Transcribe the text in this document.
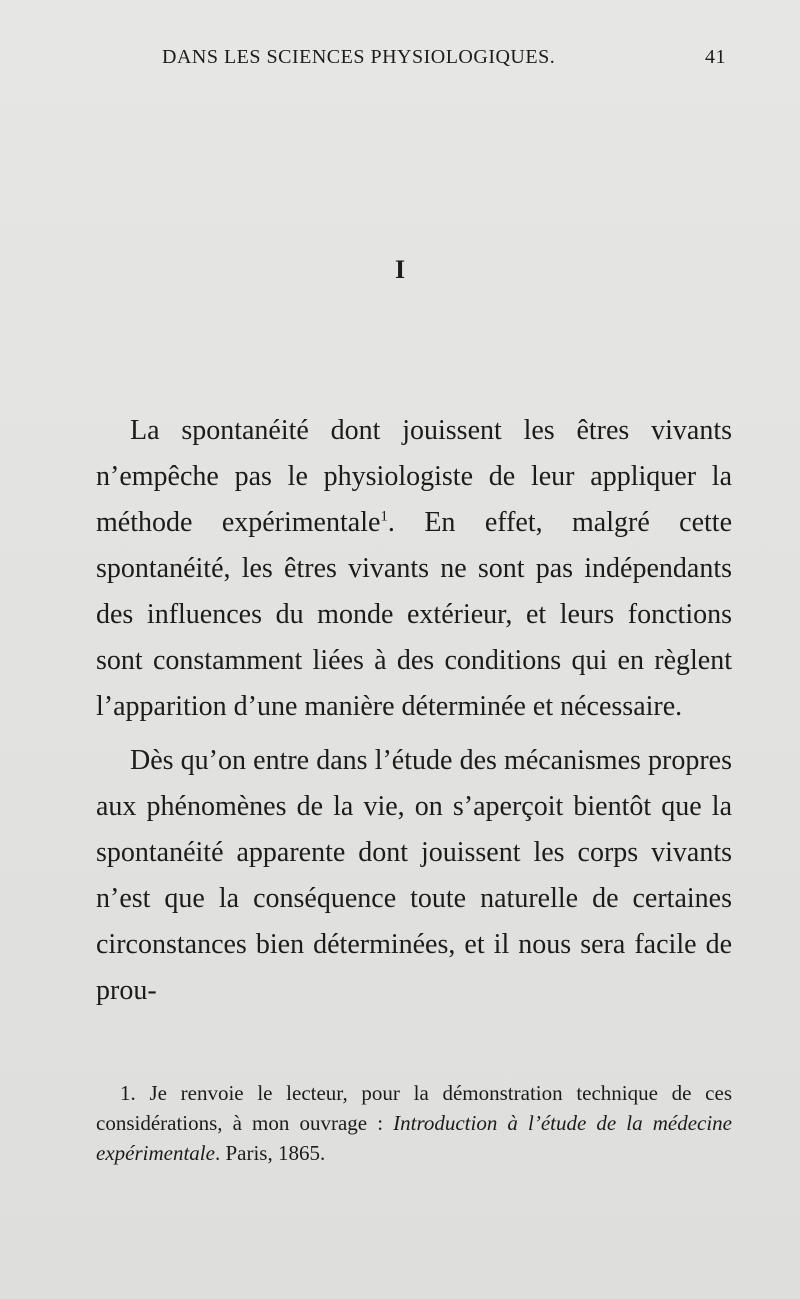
DANS LES SCIENCES PHYSIOLOGIQUES.	41
I

La spontanéité dont jouissent les êtres vivants n’empêche pas le physiologiste de leur appliquer la méthode expérimentale$^1$. En effet, malgré cette spontanéité, les êtres vivants ne sont pas indépendants des influences du monde extérieur, et leurs fonctions sont constamment liées à des conditions qui en règlent l’apparition d’une manière déterminée et nécessaire.

Dès qu’on entre dans l’étude des mécanismes propres aux phénomènes de la vie, on s’aperçoit bientôt que la spontanéité apparente dont jouissent les corps vivants n’est que la conséquence toute naturelle de certaines circonstances bien déterminées, et il nous sera facile de prou-

1. Je renvoie le lecteur, pour la démonstration technique de ces considérations, à mon ouvrage : Introduction à l’étude de la médecine expérimentale. Paris, 1865.
